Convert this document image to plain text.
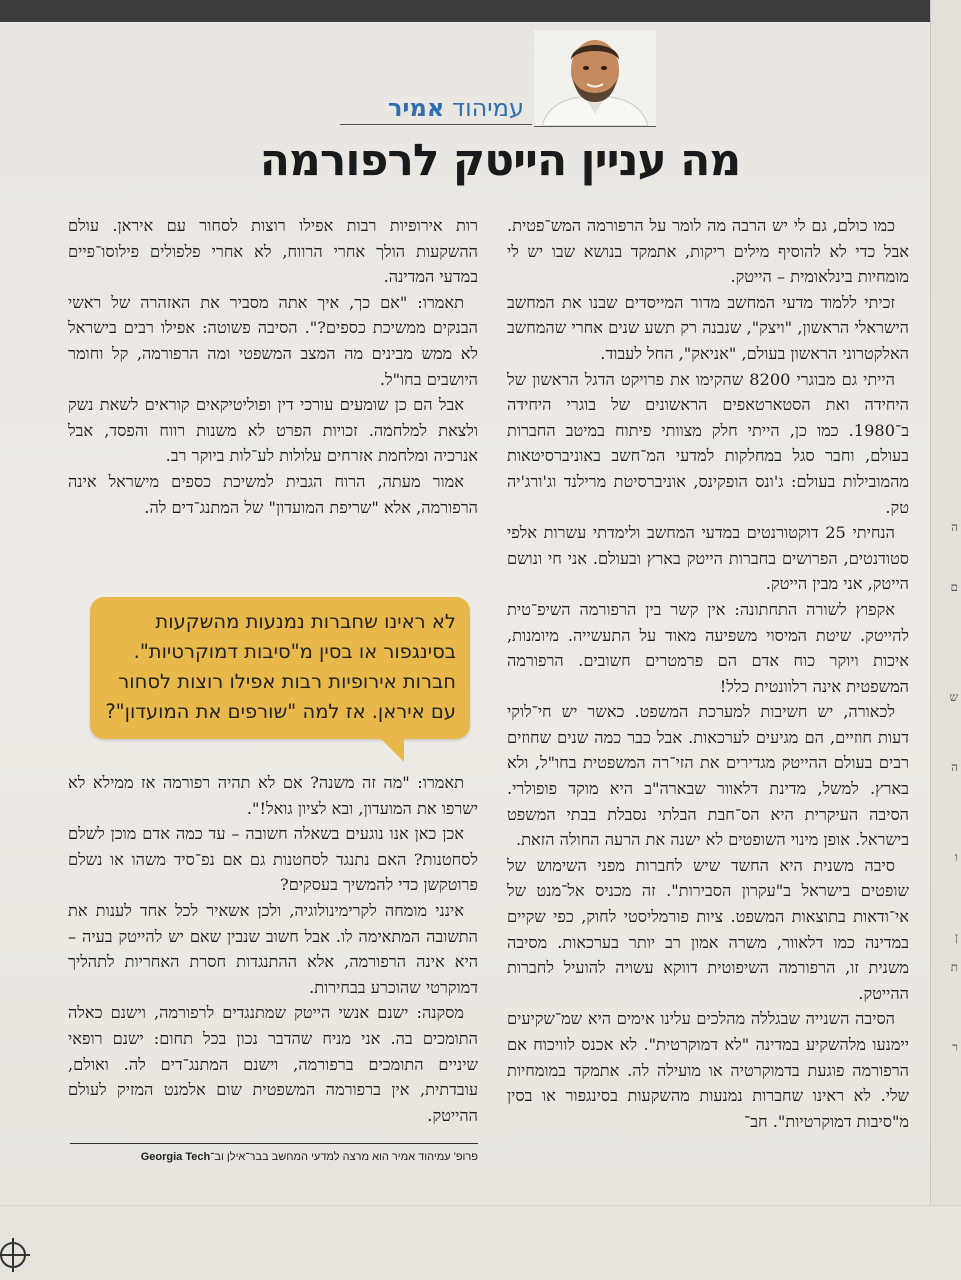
ה
ם
ש
ה
ו
ן
ת
ר
עמיהוד אמיר
מה עניין הייטק לרפורמה

כמו כולם, גם לי יש הרבה מה לומר על הרפורמה המש־פטית. אבל כדי לא להוסיף מילים ריקות, אתמקד בנושא שבו יש לי מומחיות בינלאומית – הייטק.

זכיתי ללמוד מדעי המחשב מדור המייסדים שבנו את המחשב הישראלי הראשון, "ויצק", שנבנה רק תשע שנים אחרי שהמחשב האלקטרוני הראשון בעולם, "אניאק", החל לעבוד.

הייתי גם מבוגרי 8200 שהקימו את פרויקט הדגל הראשון של היחידה ואת הסטארטאפים הראשונים של בוגרי היחידה ב־1980. כמו כן, הייתי חלק מצוותי פיתוח במיטב החברות בעולם, וחבר סגל במחלקות למדעי המ־חשב באוניברסיטאות מהמובילות בעולם: ג'ונס הופקינס, אוניברסיטת מרילנד וג'ורג'יה טק.

הנחיתי 25 דוקטורנטים במדעי המחשב ולימדתי עשרות אלפי סטודנטים, הפרושים בחברות הייטק בארץ ובעולם. אני חי ונושם הייטק, אני מבין הייטק.

אקפוץ לשורה התחתונה: אין קשר בין הרפורמה השיפ־טית להייטק. שיטת המיסוי משפיעה מאוד על התעשייה. מיומנות, איכות ויוקר כוח אדם הם פרמטרים חשובים. הרפורמה המשפטית אינה רלוונטית כלל!

לכאורה, יש חשיבות למערכת המשפט. כאשר יש חי־לוקי דעות חוזיים, הם מגיעים לערכאות. אבל כבר כמה שנים שחוזים רבים בעולם ההייטק מגדירים את הזי־רה המשפטית בחו"ל, ולא בארץ. למשל, מדינת דלאוור שבארה"ב היא מוקד פופולרי. הסיבה העיקרית היא הס־חבת הבלתי נסבלת בבתי המשפט בישראל. אופן מינוי השופטים לא ישנה את הרעה החולה הזאת.

סיבה משנית היא החשד שיש לחברות מפני השימוש של שופטים בישראל ב"עקרון הסבירות". זה מכניס אל־מנט של אי־ודאות בתוצאות המשפט. ציות פורמליסטי לחוק, כפי שקיים במדינה כמו דלאוור, משרה אמון רב יותר בערכאות. מסיבה משנית זו, הרפורמה השיפוטית דווקא עשויה להועיל לחברות ההייטק.

הסיבה השנייה שבגללה מהלכים עלינו אימים היא שמ־שקיעים יימנעו מלהשקיע במדינה "לא דמוקרטית". לא אכנס לוויכוח אם הרפורמה פוגעת בדמוקרטיה או מועילה לה. אתמקד במומחיות שלי. לא ראינו שחברות נמנעות מהשקעות בסינגפור או בסין מ"סיבות דמוקרטיות". חב־

רות אירופיות רבות אפילו רוצות לסחור עם איראן. עולם ההשקעות הולך אחרי הרווח, לא אחרי פלפולים פילוסו־פיים במדעי המדינה.

תאמרו: "אם כך, איך אתה מסביר את האזהרה של ראשי הבנקים ממשיכת כספים?". הסיבה פשוטה: אפילו רבים בישראל לא ממש מבינים מה המצב המשפטי ומה הרפורמה, קל וחומר היושבים בחו"ל.

אבל הם כן שומעים עורכי דין ופוליטיקאים קוראים לשאת נשק ולצאת למלחמה. זכויות הפרט לא משנות רווח והפסד, אבל אנרכיה ומלחמת אזרחים עלולות לע־לות ביוקר רב.

אמור מעתה, הרוח הגבית למשיכת כספים מישראל אינה הרפורמה, אלא "שריפת המועדון" של המתנג־דים לה.

לא ראינו שחברות נמנעות מהשקעות בסינגפור או בסין מ"סיבות דמוקרטיות". חברות אירופיות רבות אפילו רוצות לסחור עם איראן. אז למה "שורפים את המועדון"?

תאמרו: "מה זה משנה? אם לא תהיה רפורמה אז ממילא לא ישרפו את המועדון, ובא לציון גואל!".

אכן כאן אנו נוגעים בשאלה חשובה – עד כמה אדם מוכן לשלם לסחטנות? האם נתנגד לסחטנות גם אם נפ־סיד משהו או נשלם פרוטקשן כדי להמשיך בעסקים?

אינני מומחה לקרימינולוגיה, ולכן אשאיר לכל אחד לענות את התשובה המתאימה לו. אבל חשוב שנבין שאם יש להייטק בעיה – היא אינה הרפורמה, אלא ההתנגדות חסרת האחריות לתהליך דמוקרטי שהוכרע בבחירות.

מסקנה: ישנם אנשי הייטק שמתנגדים לרפורמה, וישנם כאלה התומכים בה. אני מניח שהדבר נכון בכל תחום: ישנם רופאי שיניים התומכים ברפורמה, וישנם המתנג־דים לה. ואולם, עובדתית, אין ברפורמה המשפטית שום אלמנט המזיק לעולם ההייטק.

פרופ' עמיהוד אמיר הוא מרצה למדעי המחשב בבר־אילן וב־Georgia Tech
